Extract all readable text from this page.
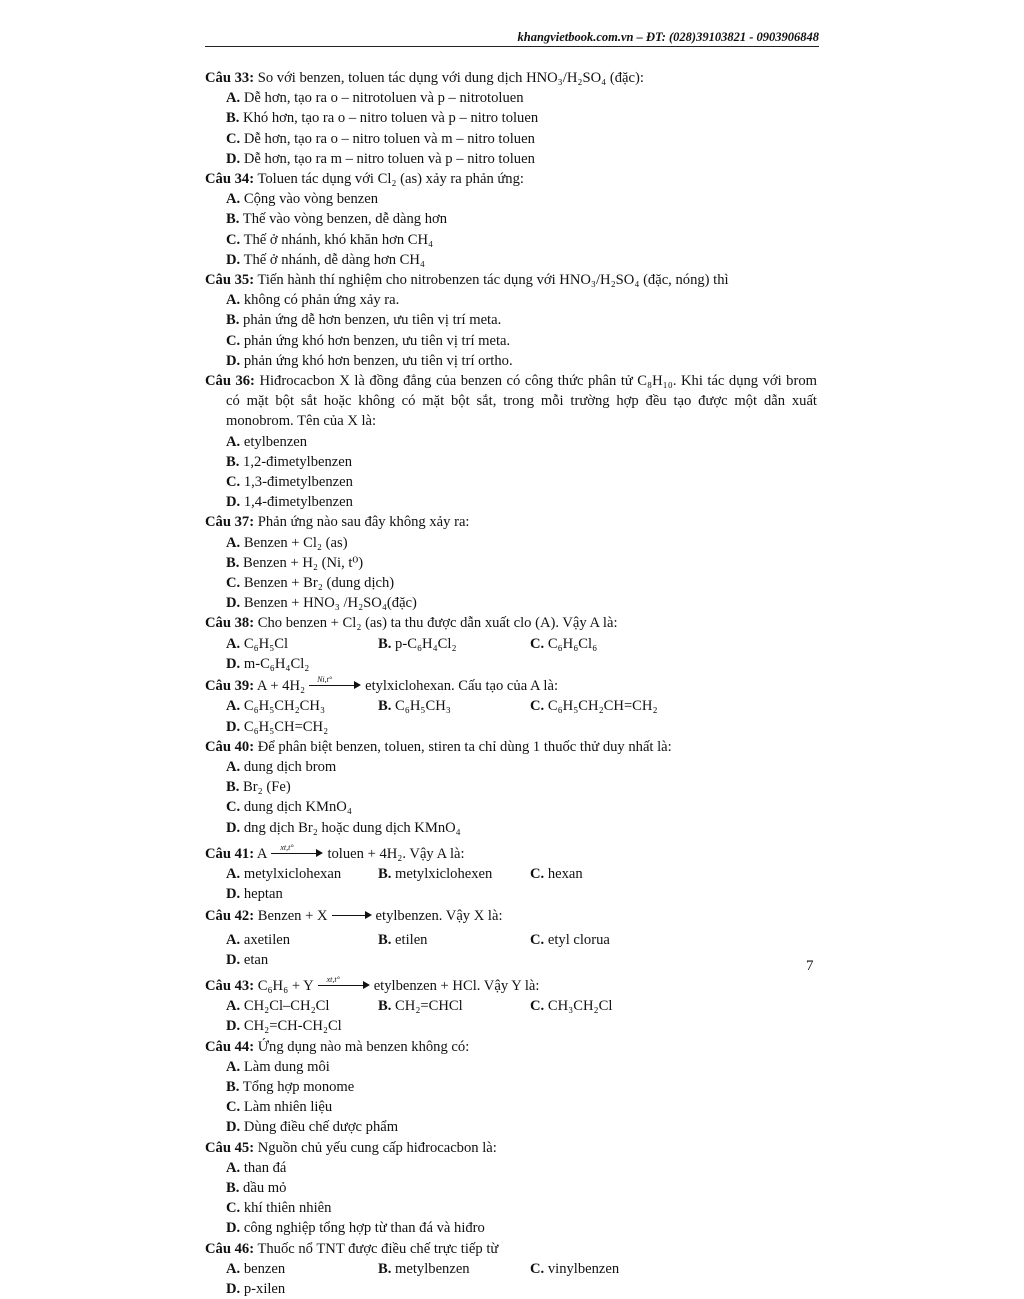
khangvietbook.com.vn – ĐT: (028)39103821 - 0903906848
Câu 33: So với benzen, toluen tác dụng với dung dịch HNO₃/H₂SO₄ (đặc):
A. Dễ hơn, tạo ra o – nitrotoluen và p – nitrotoluen
B. Khó hơn, tạo ra o – nitro toluen và p – nitro toluen
C. Dễ hơn, tạo ra o – nitro toluen và m – nitro toluen
D. Dễ hơn, tạo ra m – nitro toluen và p – nitro toluen
Câu 34: Toluen tác dụng với Cl₂ (as) xảy ra phản ứng:
A. Cộng vào vòng benzen
B. Thế vào vòng benzen, dễ dàng hơn
C. Thế ở nhánh, khó khăn hơn CH₄
D. Thế ở nhánh, dễ dàng hơn CH₄
Câu 35: Tiến hành thí nghiệm cho nitrobenzen tác dụng với HNO₃/H₂SO₄ (đặc, nóng) thì
A. không có phản ứng xảy ra.
B. phản ứng dễ hơn benzen, ưu tiên vị trí meta.
C. phản ứng khó hơn benzen, ưu tiên vị trí meta.
D. phản ứng khó hơn benzen, ưu tiên vị trí ortho.
Câu 36: Hiđrocacbon X là đồng đẳng của benzen có công thức phân tử C₈H₁₀. Khi tác dụng với brom có mặt bột sắt hoặc không có mặt bột sắt, trong mỗi trường hợp đều tạo được một dẫn xuất monobrom. Tên của X là:
A. etylbenzen
B. 1,2-đimetylbenzen
C. 1,3-đimetylbenzen
D. 1,4-đimetylbenzen
Câu 37: Phản ứng nào sau đây không xảy ra:
A. Benzen + Cl₂ (as)
B. Benzen + H₂ (Ni, t⁰)
C. Benzen + Br₂ (dung dịch)
D. Benzen + HNO₃ /H₂SO₄(đặc)
Câu 38: Cho benzen + Cl₂ (as) ta thu được dẫn xuất clo (A). Vậy A là:
A. C₆H₅Cl	B. p-C₆H₄Cl₂	C. C₆H₆Cl₆
D. m-C₆H₄Cl₂
Câu 39: A + 4H₂	Ni,t°	etylxiclohexan. Cấu tạo của A là:
A. C₆H₅CH₂CH₃	B. C₆H₅CH₃	C. C₆H₅CH₂CH=CH₂
D. C₆H₅CH=CH₂
Câu 40: Để phân biệt benzen, toluen, stiren ta chỉ dùng 1 thuốc thử duy nhất là:
A. dung dịch brom
B. Br₂ (Fe)
C. dung dịch KMnO₄
D. dng dịch Br₂ hoặc dung dịch KMnO₄
Câu 41: A	xt,t°	toluen + 4H₂. Vậy A là:
A. metylxiclohexan	B. metylxiclohexen	C. hexan
D. heptan
Câu 42: Benzen + X	etylbenzen. Vậy X là:
A. axetilen	B. etilen	C. etyl clorua
D. etan
Câu 43: C₆H₆ + Y	xt,t°	etylbenzen + HCl. Vậy Y là:
A. CH₂Cl–CH₂Cl	B. CH₂=CHCl	C. CH₃CH₂Cl
D. CH₂=CH-CH₂Cl
Câu 44: Ứng dụng nào mà benzen không có:
A. Làm dung môi
B. Tổng hợp monome
C. Làm nhiên liệu
D. Dùng điều chế dược phẩm
Câu 45: Nguồn chủ yếu cung cấp hiđrocacbon là:
A. than đá
B. dầu mỏ
C. khí thiên nhiên
D. công nghiệp tổng hợp từ than đá và hiđro
Câu 46: Thuốc nổ TNT được điều chế trực tiếp từ
A. benzen	B. metylbenzen	C. vinylbenzen
D. p-xilen
7
